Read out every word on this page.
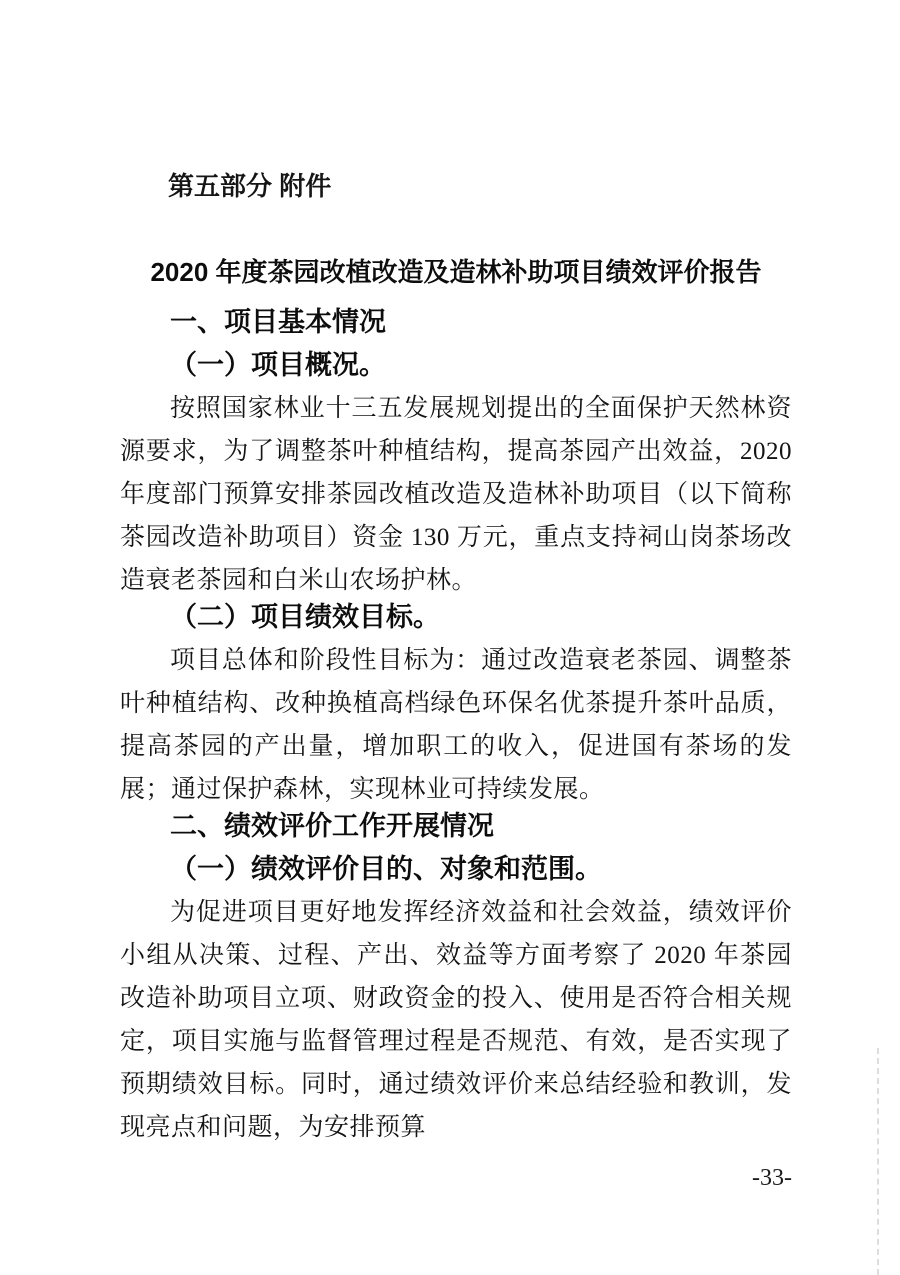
第五部分 附件

2020 年度茶园改植改造及造林补助项目绩效评价报告
一、项目基本情况
（一）项目概况。

按照国家林业十三五发展规划提出的全面保护天然林资源要求，为了调整茶叶种植结构，提高茶园产出效益，2020 年度部门预算安排茶园改植改造及造林补助项目（以下简称茶园改造补助项目）资金 130 万元，重点支持祠山岗茶场改造衰老茶园和白米山农场护林。

（二）项目绩效目标。

项目总体和阶段性目标为：通过改造衰老茶园、调整茶叶种植结构、改种换植高档绿色环保名优茶提升茶叶品质，提高茶园的产出量，增加职工的收入，促进国有茶场的发展；通过保护森林，实现林业可持续发展。

二、绩效评价工作开展情况
（一）绩效评价目的、对象和范围。

为促进项目更好地发挥经济效益和社会效益，绩效评价小组从决策、过程、产出、效益等方面考察了 2020 年茶园改造补助项目立项、财政资金的投入、使用是否符合相关规定，项目实施与监督管理过程是否规范、有效，是否实现了预期绩效目标。同时，通过绩效评价来总结经验和教训，发现亮点和问题，为安排预算

-33-
